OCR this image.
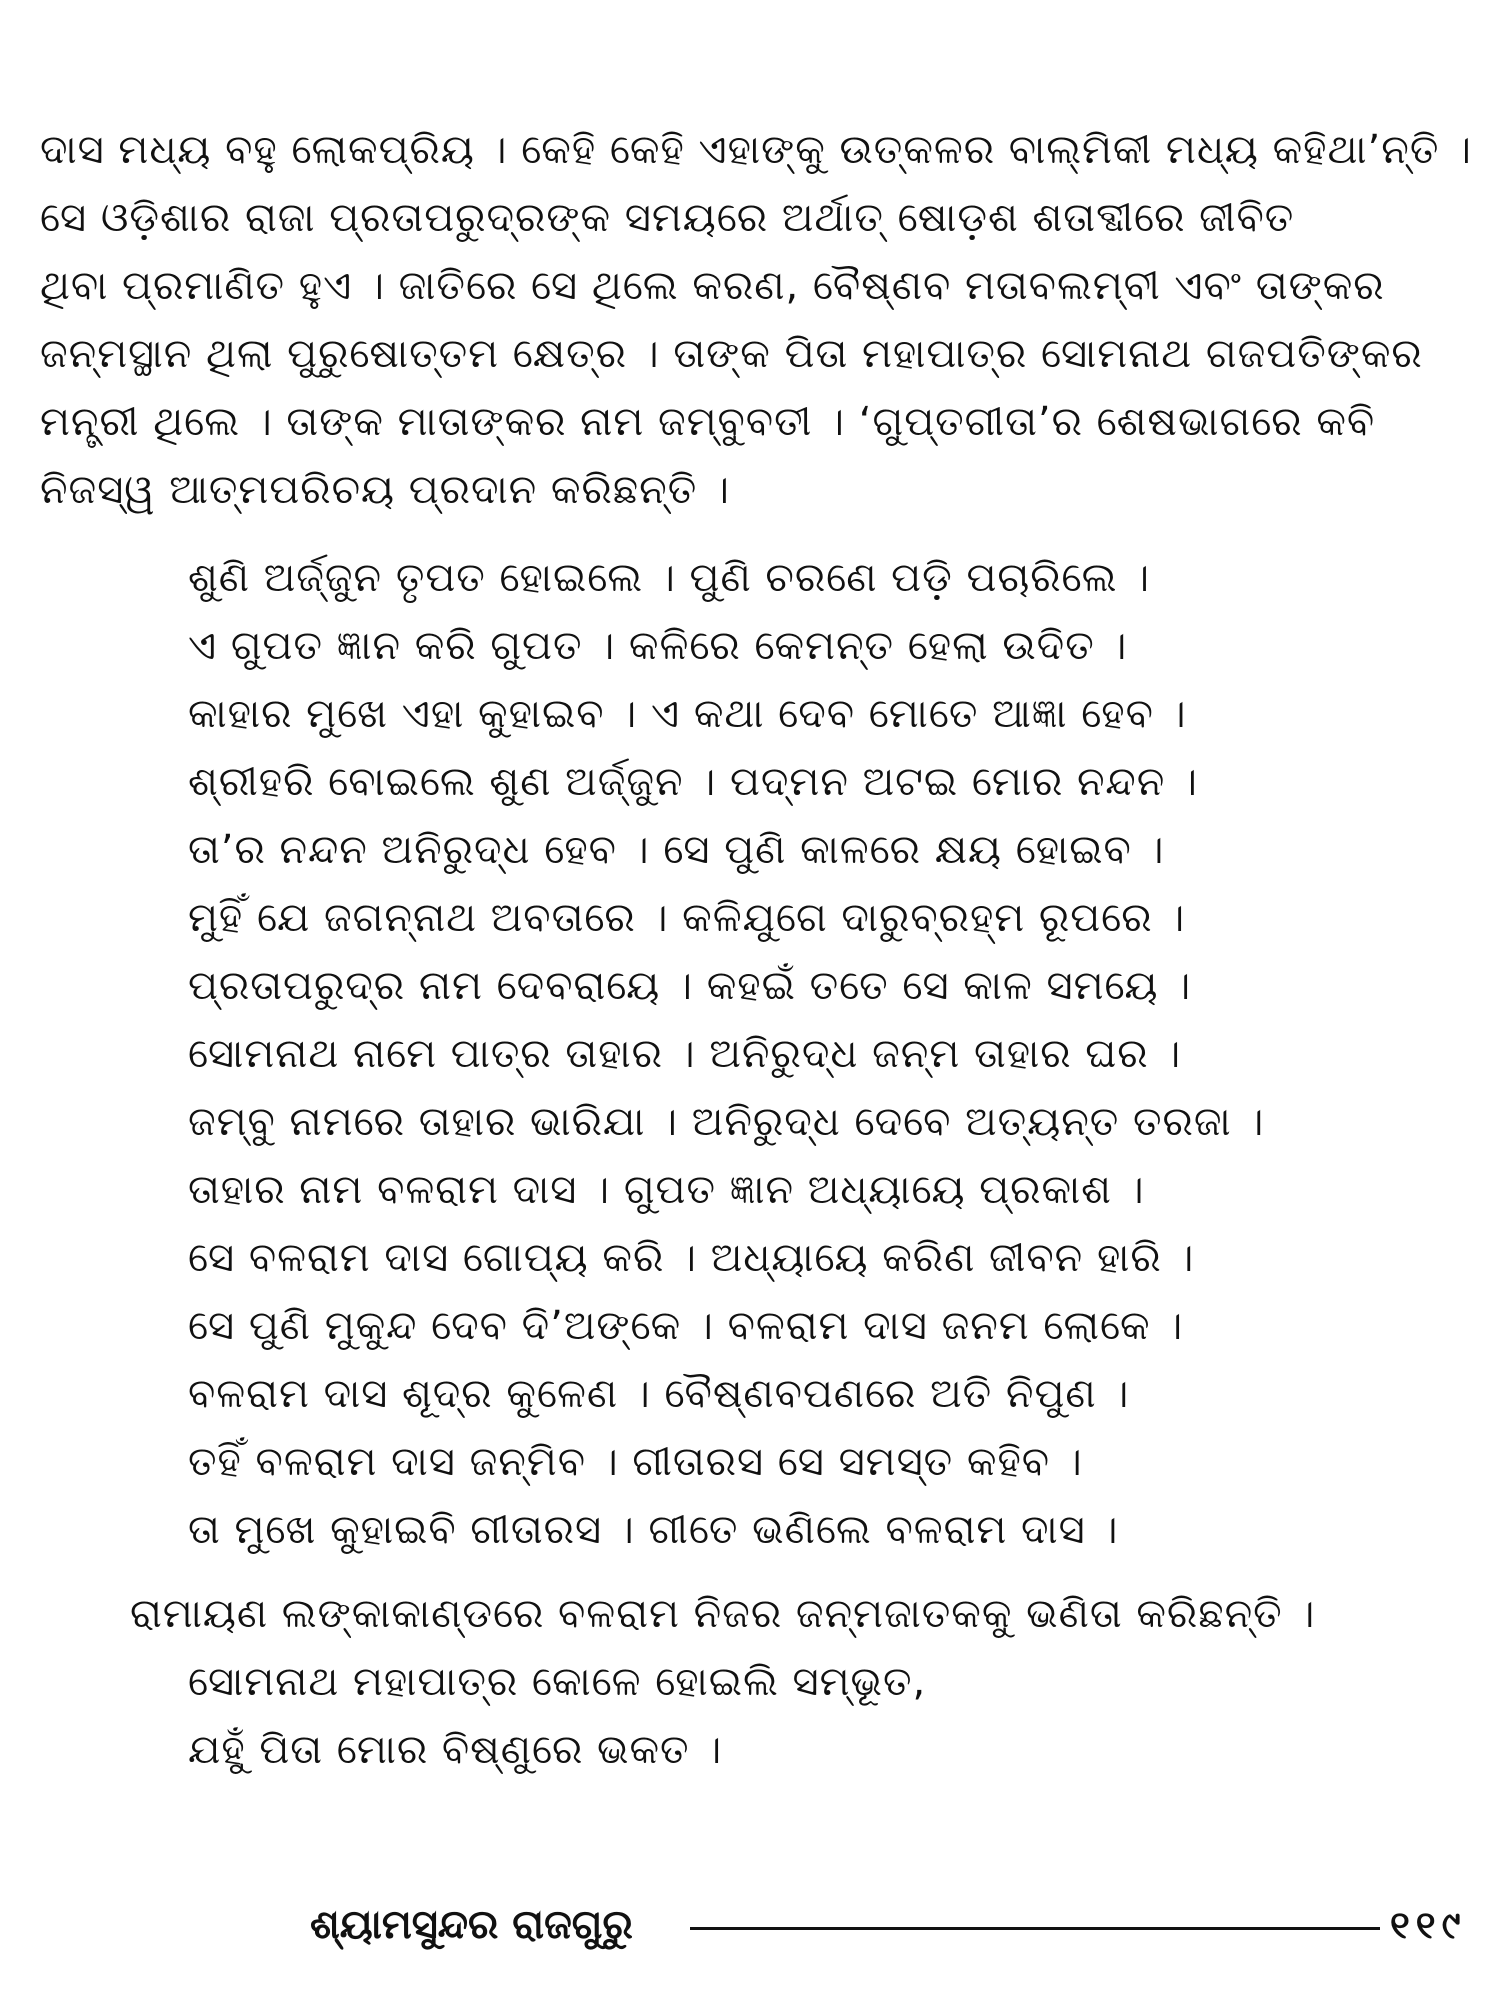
ଦାସ ମଧ୍ୟ ବହୁ ଲୋକପ୍ରିୟ । କେହି କେହି ଏହାଙ୍କୁ ଉତ୍କଳର ବାଲ୍ମିକୀ ମଧ୍ୟ କହିଥା’ନ୍ତି ।
ସେ ଓଡ଼ିଶାର ରାଜା ପ୍ରତାପରୁଦ୍ରଙ୍କ ସମୟରେ ଅର୍ଥାତ୍ ଷୋଡ଼ଶ ଶତାବ୍ଦୀରେ ଜୀବିତ
ଥିବା ପ୍ରମାଣିତ ହୁଏ । ଜାତିରେ ସେ ଥିଲେ କରଣ, ବୈଷ୍ଣବ ମତାବଲମ୍ବୀ ଏବଂ ତାଙ୍କର
ଜନ୍ମସ୍ଥାନ ଥିଲା ପୁରୁଷୋତ୍ତମ କ୍ଷେତ୍ର । ତାଙ୍କ ପିତା ମହାପାତ୍ର ସୋମନାଥ ଗଜପତିଙ୍କର
ମନ୍ତ୍ରୀ ଥିଲେ । ତାଙ୍କ ମାତାଙ୍କର ନାମ ଜମ୍ବୁବତୀ । ‘ଗୁପ୍ତଗୀତା’ର ଶେଷଭାଗରେ କବି
ନିଜସ୍ୱ ଆତ୍ମପରିଚୟ ପ୍ରଦାନ କରିଛନ୍ତି ।
ଶୁଣି ଅର୍ଜ୍ଜୁନ ତୃପତ ହୋଇଲେ । ପୁଣି ଚରଣେ ପଡ଼ି ପଚାରିଲେ ।
ଏ ଗୁପତ ଜ୍ଞାନ କରି ଗୁପତ । କଳିରେ କେମନ୍ତ ହେଲା ଉଦିତ ।
କାହାର ମୁଖେ ଏହା କୁହାଇବ । ଏ କଥା ଦେବ ମୋତେ ଆଜ୍ଞା ହେବ ।
ଶ୍ରୀହରି ବୋଇଲେ ଶୁଣ ଅର୍ଜ୍ଜୁନ । ପଦ୍ମନ ଅଟଇ ମୋର ନନ୍ଦନ ।
ତା’ର ନନ୍ଦନ ଅନିରୁଦ୍ଧ ହେବ । ସେ ପୁଣି କାଳରେ କ୍ଷୟ ହୋଇବ ।
ମୁହିଁ ଯେ ଜଗନ୍ନାଥ ଅବତାରେ । କଳିଯୁଗେ ଦାରୁବ୍ରହ୍ମ ରୂପରେ ।
ପ୍ରତାପରୁଦ୍ର ନାମ ଦେବରାୟେ । କହଇଁ ତତେ ସେ କାଳ ସମୟେ ।
ସୋମନାଥ ନାମେ ପାତ୍ର ତାହାର । ଅନିରୁଦ୍ଧ ଜନ୍ମ ତାହାର ଘର ।
ଜମ୍ବୁ ନାମରେ ତାହାର ଭାରିଯା । ଅନିରୁଦ୍ଧ ଦେବେ ଅତ୍ୟନ୍ତ ତରଜା ।
ତାହାର ନାମ ବଳରାମ ଦାସ । ଗୁପତ ଜ୍ଞାନ ଅଧ୍ୟାୟେ ପ୍ରକାଶ ।
ସେ ବଳରାମ ଦାସ ଗୋପ୍ୟ କରି । ଅଧ୍ୟାୟେ କରିଣ ଜୀବନ ହାରି ।
ସେ ପୁଣି ମୁକୁନ୍ଦ ଦେବ ଦି’ଅଙ୍କେ । ବଳରାମ ଦାସ ଜନମ ଲୋକେ ।
ବଳରାମ ଦାସ ଶୂଦ୍ର କୁଳେଣ । ବୈଷ୍ଣବପଣରେ ଅତି ନିପୁଣ ।
ତହିଁ ବଳରାମ ଦାସ ଜନ୍ମିବ । ଗୀତାରସ ସେ ସମସ୍ତ କହିବ ।
ତା ମୁଖେ କୁହାଇବି ଗୀତାରସ । ଗୀତେ ଭଣିଲେ ବଳରାମ ଦାସ ।
ରାମାୟଣ ଲଙ୍କାକାଣ୍ଡରେ ବଳରାମ ନିଜର ଜନ୍ମଜାତକକୁ ଭଣିତା କରିଛନ୍ତି ।
ସୋମନାଥ ମହାପାତ୍ର କୋଳେ ହୋଇଲି ସମ୍ଭୂତ,
ଯହୁଁ ପିତା ମୋର ବିଷ୍ଣୁରେ ଭକତ ।
ଶ୍ୟାମସୁନ୍ଦର ରାଜଗୁରୁ	୧୧୯
